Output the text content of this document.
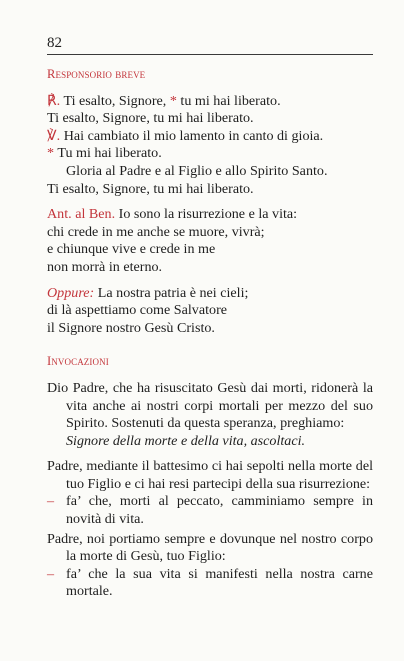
82
Responsorio breve

℟. Ti esalto, Signore, * tu mi hai liberato.

Ti esalto, Signore, tu mi hai liberato.

℣. Hai cambiato il mio lamento in canto di gioia.

* Tu mi hai liberato.

Gloria al Padre e al Figlio e allo Spirito Santo.

Ti esalto, Signore, tu mi hai liberato.

Ant. al Ben. Io sono la risurrezione e la vita:

chi crede in me anche se muore, vivrà;

e chiunque vive e crede in me

non morrà in eterno.

Oppure: La nostra patria è nei cieli;

di là aspettiamo come Salvatore

il Signore nostro Gesù Cristo.

Invocazioni

Dio Padre, che ha risuscitato Gesù dai morti, ridonerà la vita anche ai nostri corpi mortali per mezzo del suo Spirito. Sostenuti da questa speranza, preghiamo:

Signore della morte e della vita, ascoltaci.

Padre, mediante il battesimo ci hai sepolti nella morte del tuo Figlio e ci hai resi partecipi della sua risurrezione:

– fa’ che, morti al peccato, camminiamo sempre in novità di vita.

Padre, noi portiamo sempre e dovunque nel nostro corpo la morte di Gesù, tuo Figlio:

– fa’ che la sua vita si manifesti nella nostra carne mortale.
